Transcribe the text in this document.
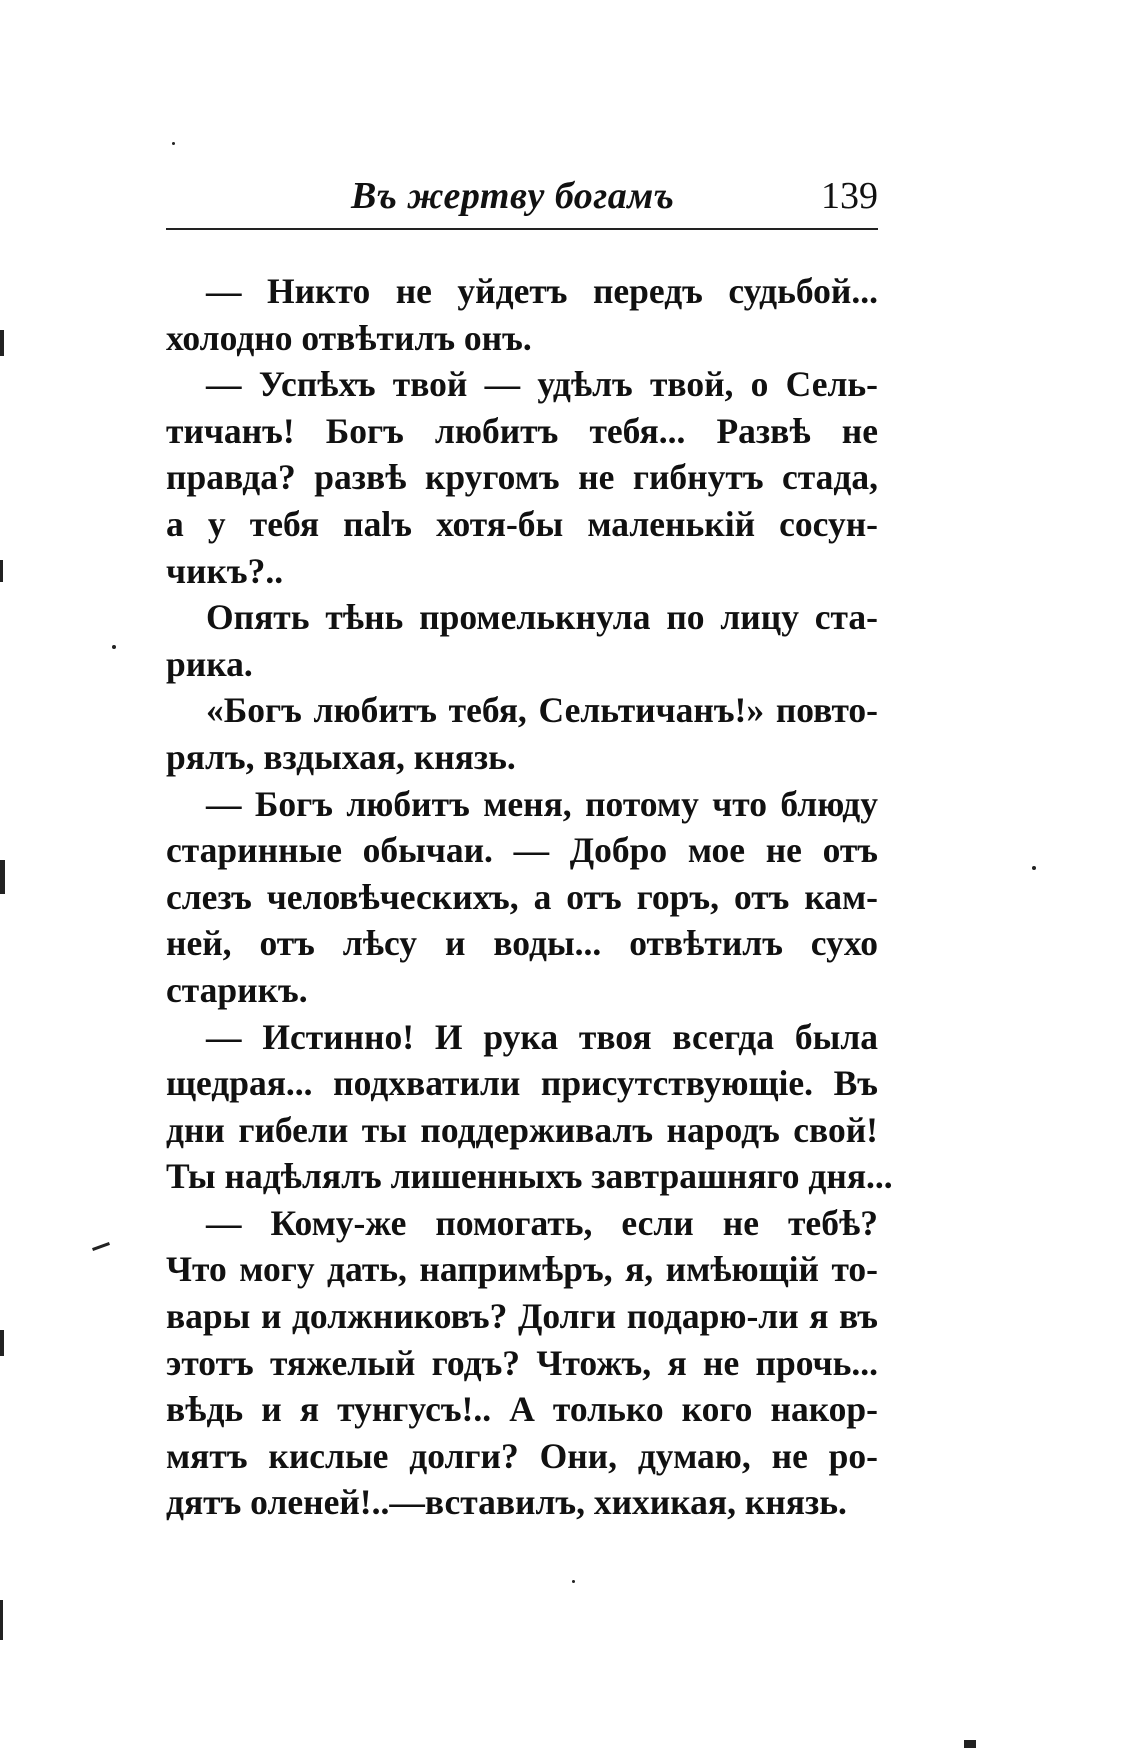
Въ жертву богамъ	139

— Никто не уйдетъ передъ судьбой...
холодно отвѣтилъ онъ.

— Успѣхъ твой — удѣлъ твой, о Сель-
тичанъ! Богъ любитъ тебя... Развѣ не
правда? развѣ кругомъ не гибнутъ стада,
а у тебя пalъ хотя-бы маленькій сосун-
чикъ?..

Опять тѣнь промелькнула по лицу ста-
рика.

«Богъ любитъ тебя, Сельтичанъ!» повто-
рялъ, вздыхая, князь.

— Богъ любитъ меня, потому что блюду
старинные обычаи. — Добро мое не отъ
слезъ человѣческихъ, а отъ горъ, отъ кам-
ней, отъ лѣсу и воды... отвѣтилъ сухо
старикъ.

— Истинно! И рука твоя всегда была
щедрая... подхватили присутствующіе. Въ
дни гибели ты поддерживалъ народъ свой!
Ты надѣлялъ лишенныхъ завтрашняго дня...

— Кому-же помогать, если не тебѣ?
Что могу дать, напримѣръ, я, имѣющій то-
вары и должниковъ? Долги подарю-ли я въ
этотъ тяжелый годъ? Чтожъ, я не прочь...
вѣдь и я тунгусъ!.. А только кого накор-
мятъ кислые долги? Они, думаю, не ро-
дятъ оленей!..—вставилъ, хихикая, князь.
